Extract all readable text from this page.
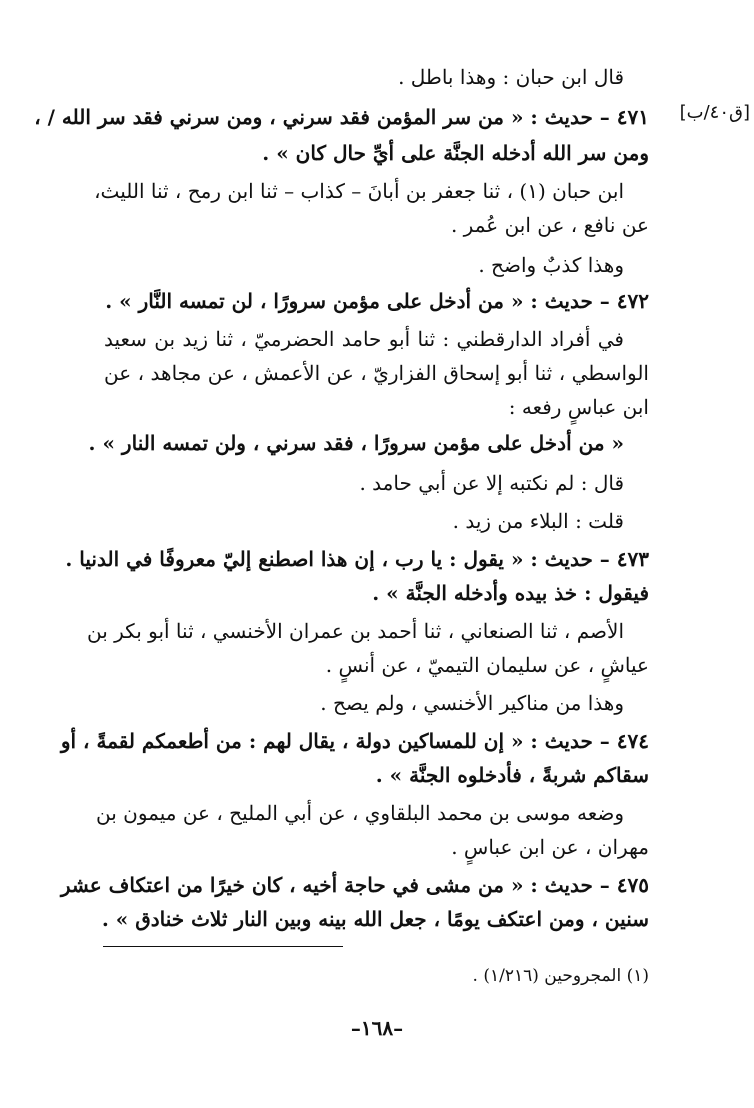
[ق٤٠/ب]
قال ابن حبان : وهذا باطل .
٤٧١ – حديث : « من سر المؤمن فقد سرني ، ومن سرني فقد سر الله / ،
ومن سر الله أدخله الجنَّة على أيِّ حال كان » .
ابن حبان (١) ، ثنا جعفر بن أبانَ – كذاب – ثنا ابن رمح ، ثنا الليث،
عن نافع ، عن ابن عُمر .
وهذا كذبٌ واضح .
٤٧٢ – حديث : « من أدخل على مؤمن سرورًا ، لن تمسه النَّار » .
في أفراد الدارقطني : ثنا أبو حامد الحضرميّ ، ثنا زيد بن سعيد
الواسطي ، ثنا أبو إسحاق الفزاريّ ، عن الأعمش ، عن مجاهد ، عن
ابن عباسٍ رفعه :
« من أدخل على مؤمن سرورًا ، فقد سرني ، ولن تمسه النار » .
قال : لم نكتبه إلا عن أبي حامد .
قلت : البلاء من زيد .
٤٧٣ – حديث : « يقول : يا رب ، إن هذا اصطنع إليّ معروفًا في الدنيا .
فيقول : خذ بيده وأدخله الجنَّة » .
الأصم ، ثنا الصنعاني ، ثنا أحمد بن عمران الأخنسي ، ثنا أبو بكر بن
عياشٍ ، عن سليمان التيميّ ، عن أنسٍ .
وهذا من مناكير الأخنسي ، ولم يصح .
٤٧٤ – حديث : « إن للمساكين دولة ، يقال لهم : من أطعمكم لقمةً ، أو
سقاكم شربةً ، فأدخلوه الجنَّة » .
وضعه موسى بن محمد البلقاوي ، عن أبي المليح ، عن ميمون بن
مهران ، عن ابن عباسٍ .
٤٧٥ – حديث : « من مشى في حاجة أخيه ، كان خيرًا من اعتكاف عشر
سنين ، ومن اعتكف يومًا ، جعل الله بينه وبين النار ثلاث خنادق » .
(١) المجروحين (١/٢١٦) .
–١٦٨–
